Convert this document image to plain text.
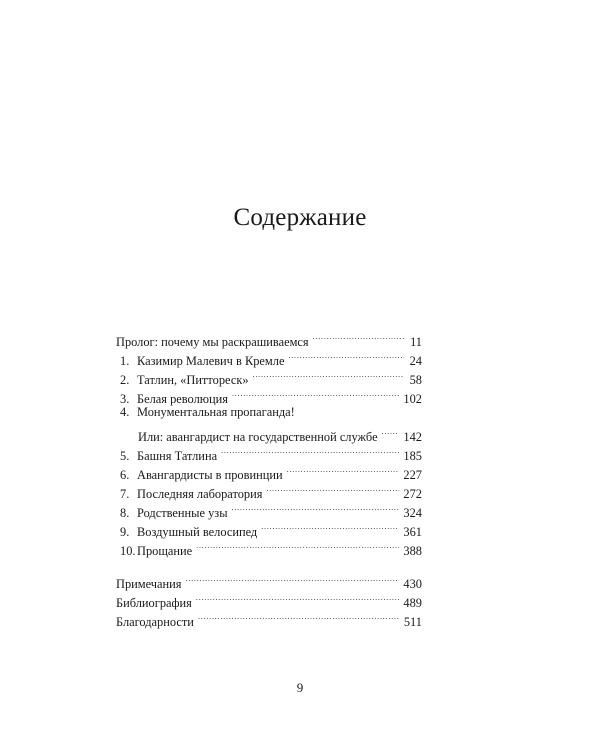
Содержание
Пролог: почему мы раскрашиваемся . . .	11
1. Казимир Малевич в Кремле . . .	24
2. Татлин, «Питтореск» . . .	58
3. Белая революция . . .	102
4. Монументальная пропаганда!
Или: авангардист на государственной службе . . . 142
5. Башня Татлина . . .	185
6. Авангардисты в провинции . . .	227
7. Последняя лаборатория . . .	272
8. Родственные узы . . .	324
9. Воздушный велосипед . . .	361
10. Прощание . . .	388
Примечания . . .	430
Библиография . . .	489
Благодарности . . .	511
9
